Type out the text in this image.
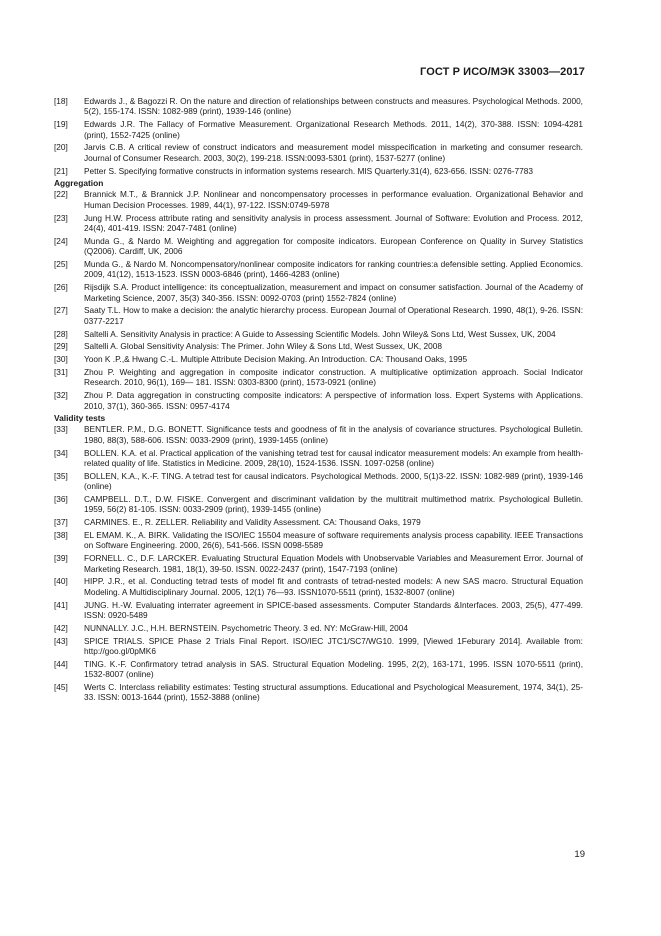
ГОСТ Р ИСО/МЭК 33003—2017
[18]	Edwards J., & Bagozzi R. On the nature and direction of relationships between constructs and measures. Psychological Methods. 2000, 5(2), 155-174. ISSN: 1082-989 (print), 1939-146 (online)
[19]	Edwards J.R. The Fallacy of Formative Measurement. Organizational Research Methods. 2011, 14(2), 370-388. ISSN: 1094-4281 (print), 1552-7425 (online)
[20]	Jarvis C.B. A critical review of construct indicators and measurement model misspecification in marketing and consumer research. Journal of Consumer Research. 2003, 30(2), 199-218. ISSN:0093-5301 (print), 1537-5277 (online)
[21]	Petter S. Specifying formative constructs in information systems research. MIS Quarterly.31(4), 623-656. ISSN: 0276-7783
Aggregation
[22]	Brannick M.T., & Brannick J.P. Nonlinear and noncompensatory processes in performance evaluation. Organizational Behavior and Human Decision Processes. 1989, 44(1), 97-122. ISSN:0749-5978
[23]	Jung H.W. Process attribute rating and sensitivity analysis in process assessment. Journal of Software: Evolution and Process. 2012, 24(4), 401-419. ISSN: 2047-7481 (online)
[24]	Munda G., & Nardo M. Weighting and aggregation for composite indicators. European Conference on Quality in Survey Statistics (Q2006). Cardiff, UK, 2006
[25]	Munda G., & Nardo M. Noncompensatory/nonlinear composite indicators for ranking countries:a defensible setting. Applied Economics. 2009, 41(12), 1513-1523. ISSN 0003-6846 (print), 1466-4283 (online)
[26]	Rijsdijk S.A. Product intelligence: its conceptualization, measurement and impact on consumer satisfaction. Journal of the Academy of Marketing Science, 2007, 35(3) 340-356. ISSN: 0092-0703 (print) 1552-7824 (online)
[27]	Saaty T.L. How to make a decision: the analytic hierarchy process. European Journal of Operational Research. 1990, 48(1), 9-26. ISSN: 0377-2217
[28]	Saltelli A. Sensitivity Analysis in practice: A Guide to Assessing Scientific Models. John Wiley& Sons Ltd, West Sussex, UK, 2004
[29]	Saltelli A. Global Sensitivity Analysis: The Primer. John Wiley & Sons Ltd, West Sussex, UK, 2008
[30]	Yoon K .P.,& Hwang C.-L. Multiple Attribute Decision Making. An Introduction. CA: Thousand Oaks, 1995
[31]	Zhou P. Weighting and aggregation in composite indicator construction. A multiplicative optimization approach. Social Indicator Research. 2010, 96(1), 169— 181. ISSN: 0303-8300 (print), 1573-0921 (online)
[32]	Zhou P. Data aggregation in constructing composite indicators: A perspective of information loss. Expert Systems with Applications. 2010, 37(1), 360-365. ISSN: 0957-4174
Validity tests
[33]	BENTLER. P.M., D.G. BONETT. Significance tests and goodness of fit in the analysis of covariance structures. Psychological Bulletin. 1980, 88(3), 588-606. ISSN: 0033-2909 (print), 1939-1455 (online)
[34]	BOLLEN. K.A. et al. Practical application of the vanishing tetrad test for causal indicator measurement models: An example from health-related quality of life. Statistics in Medicine. 2009, 28(10), 1524-1536. ISSN. 1097-0258 (online)
[35]	BOLLEN, K.A., K.-F. TING. A tetrad test for causal indicators. Psychological Methods. 2000, 5(1)3-22. ISSN: 1082-989 (print), 1939-146 (online)
[36]	CAMPBELL. D.T., D.W. FISKE. Convergent and discriminant validation by the multitrait multimethod matrix. Psychological Bulletin. 1959, 56(2) 81-105. ISSN: 0033-2909 (print), 1939-1455 (online)
[37]	CARMINES. E., R. ZELLER. Reliability and Validity Assessment. CA: Thousand Oaks, 1979
[38]	EL EMAM. K., A. BIRK. Validating the ISO/IEC 15504 measure of software requirements analysis process capability. IEEE Transactions on Software Engineering. 2000, 26(6), 541-566. ISSN 0098-5589
[39]	FORNELL. C., D.F. LARCKER. Evaluating Structural Equation Models with Unobservable Variables and Measurement Error. Journal of Marketing Research. 1981, 18(1), 39-50. ISSN. 0022-2437 (print), 1547-7193 (online)
[40]	HIPP. J.R., et al. Conducting tetrad tests of model fit and contrasts of tetrad-nested models: A new SAS macro. Structural Equation Modeling. A Multidisciplinary Journal. 2005, 12(1) 76—93. ISSN1070-5511 (print), 1532-8007 (online)
[41]	JUNG. H.-W. Evaluating interrater agreement in SPICE-based assessments. Computer Standards &Interfaces. 2003, 25(5), 477-499. ISSN: 0920-5489
[42]	NUNNALLY. J.C., H.H. BERNSTEIN. Psychometric Theory. 3 ed. NY: McGraw-Hill, 2004
[43]	SPICE TRIALS. SPICE Phase 2 Trials Final Report. ISO/IEC JTC1/SC7/WG10. 1999, [Viewed 1Feburary 2014]. Available from: http://goo.gl/0pMK6
[44]	TING. K.-F. Confirmatory tetrad analysis in SAS. Structural Equation Modeling. 1995, 2(2), 163-171, 1995. ISSN 1070-5511 (print), 1532-8007 (online)
[45]	Werts C. Interclass reliability estimates: Testing structural assumptions. Educational and Psychological Measurement, 1974, 34(1), 25-33. ISSN: 0013-1644 (print), 1552-3888 (online)
19
